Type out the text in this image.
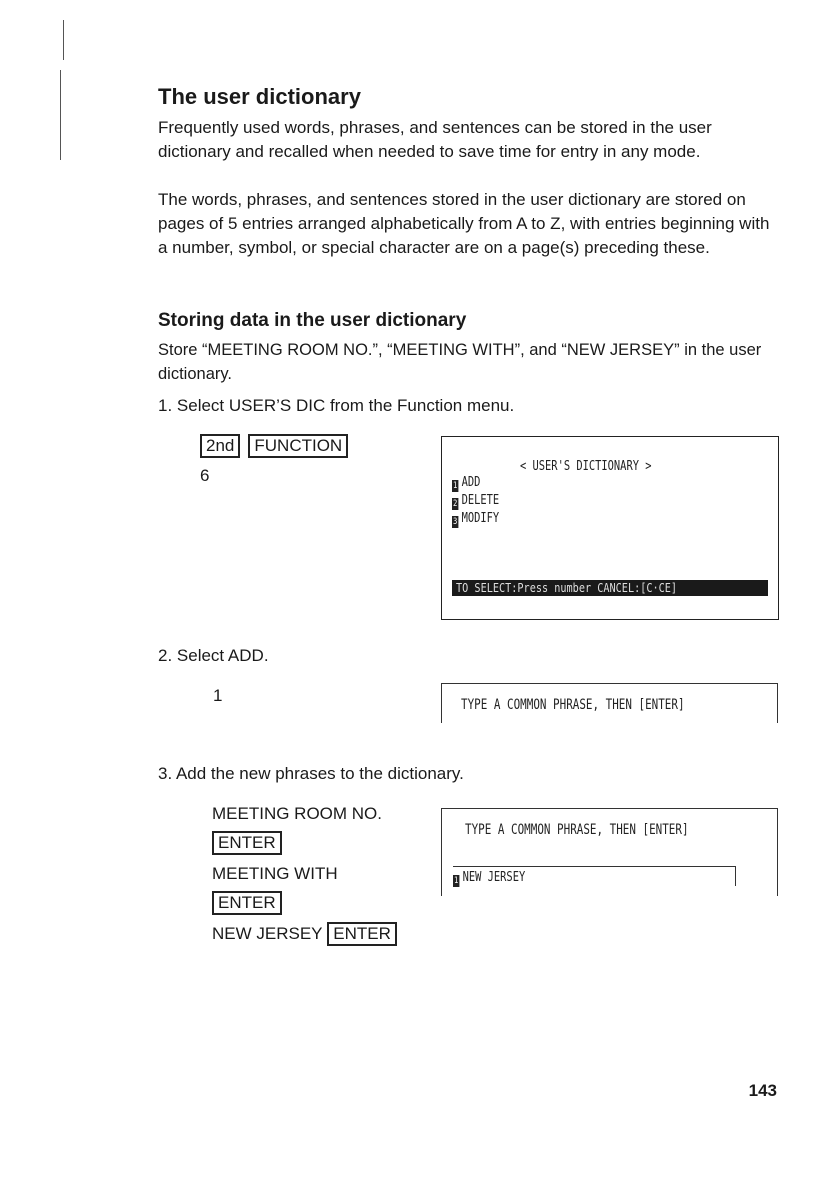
The user dictionary

Frequently used words, phrases, and sentences can be stored in the user dictionary and recalled when needed to save time for entry in any mode.

The words, phrases, and sentences stored in the user dictionary are stored on pages of 5 entries arranged alphabetically from A to Z, with entries beginning with a number, symbol, or special character are on a page(s) preceding these.

Storing data in the user dictionary

Store “MEETING ROOM NO.”, “MEETING WITH”, and “NEW JERSEY” in the user dictionary.

1. Select USER’S DIC from the Function menu.

2nd FUNCTION
6	< USER'S DICTIONARY >
1 ADD
2 DELETE
3 MODIFY
TO SELECT:Press number CANCEL:[C·CE]

2. Select ADD.

1	TYPE A COMMON PHRASE, THEN [ENTER]

3. Add the new phrases to the dictionary.

MEETING ROOM NO.
ENTER
MEETING WITH
ENTER
NEW JERSEY ENTER
TYPE A COMMON PHRASE, THEN [ENTER]
1 NEW JERSEY
143
